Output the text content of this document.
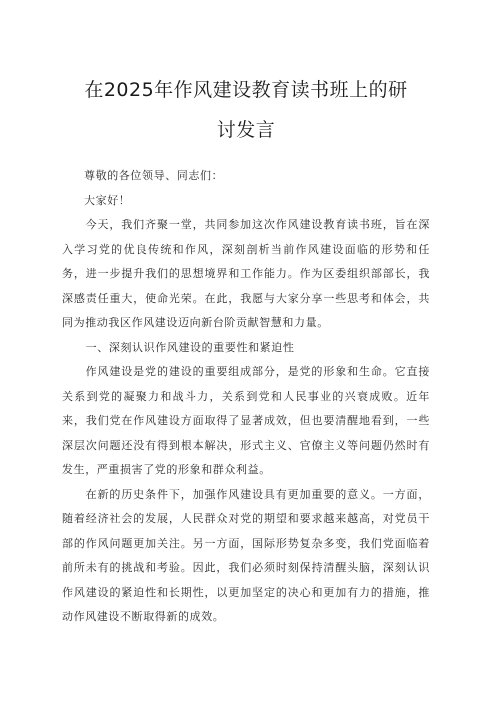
在2025年作风建设教育读书班上的研
讨发言

尊敬的各位领导、同志们：

大家好！

今天，我们齐聚一堂，共同参加这次作风建设教育读书班，旨在深入学习党的优良传统和作风，深刻剖析当前作风建设面临的形势和任务，进一步提升我们的思想境界和工作能力。作为区委组织部部长，我深感责任重大，使命光荣。在此，我愿与大家分享一些思考和体会，共同为推动我区作风建设迈向新台阶贡献智慧和力量。

一、深刻认识作风建设的重要性和紧迫性

作风建设是党的建设的重要组成部分，是党的形象和生命。它直接关系到党的凝聚力和战斗力，关系到党和人民事业的兴衰成败。近年来，我们党在作风建设方面取得了显著成效，但也要清醒地看到，一些深层次问题还没有得到根本解决，形式主义、官僚主义等问题仍然时有发生，严重损害了党的形象和群众利益。

在新的历史条件下，加强作风建设具有更加重要的意义。一方面，随着经济社会的发展，人民群众对党的期望和要求越来越高，对党员干部的作风问题更加关注。另一方面，国际形势复杂多变，我们党面临着前所未有的挑战和考验。因此，我们必须时刻保持清醒头脑，深刻认识作风建设的紧迫性和长期性，以更加坚定的决心和更加有力的措施，推动作风建设不断取得新的成效。
